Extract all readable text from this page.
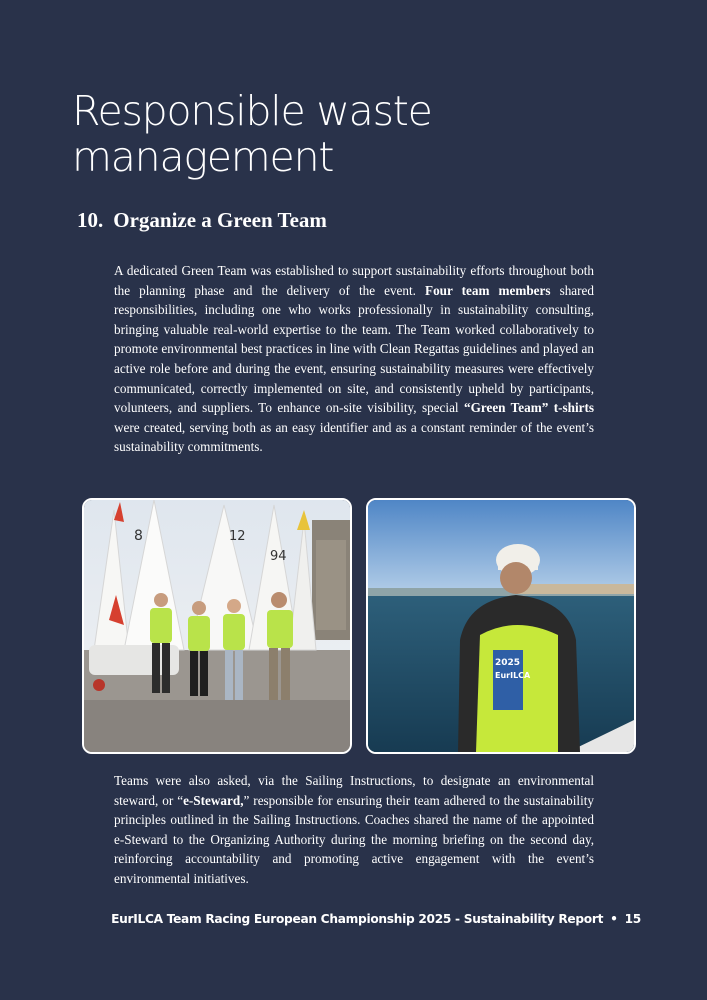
Responsible waste
management
10. Organize a Green Team
A dedicated Green Team was established to support sustainability efforts throughout both the planning phase and the delivery of the event. Four team members shared responsibilities, including one who works professionally in sustainability consulting, bringing valuable real-world expertise to the team. The Team worked collaboratively to promote environmental best practices in line with Clean Regattas guidelines and played an active role before and during the event, ensuring sustainability measures were effectively communicated, correctly implemented on site, and consistently upheld by participants, volunteers, and suppliers. To enhance on-site visibility, special “Green Team” t-shirts were created, serving both as an easy identifier and as a constant reminder of the event’s sustainability commitments.
8	12
94
2025
EurILCA
Teams were also asked, via the Sailing Instructions, to designate an environmental steward, or “e-Steward,” responsible for ensuring their team adhered to the sustainability principles outlined in the Sailing Instructions. Coaches shared the name of the appointed e-Steward to the Organizing Authority during the morning briefing on the second day, reinforcing accountability and promoting active engagement with the event’s environmental initiatives.
EurILCA Team Racing European Championship 2025 - Sustainability Report • 15
